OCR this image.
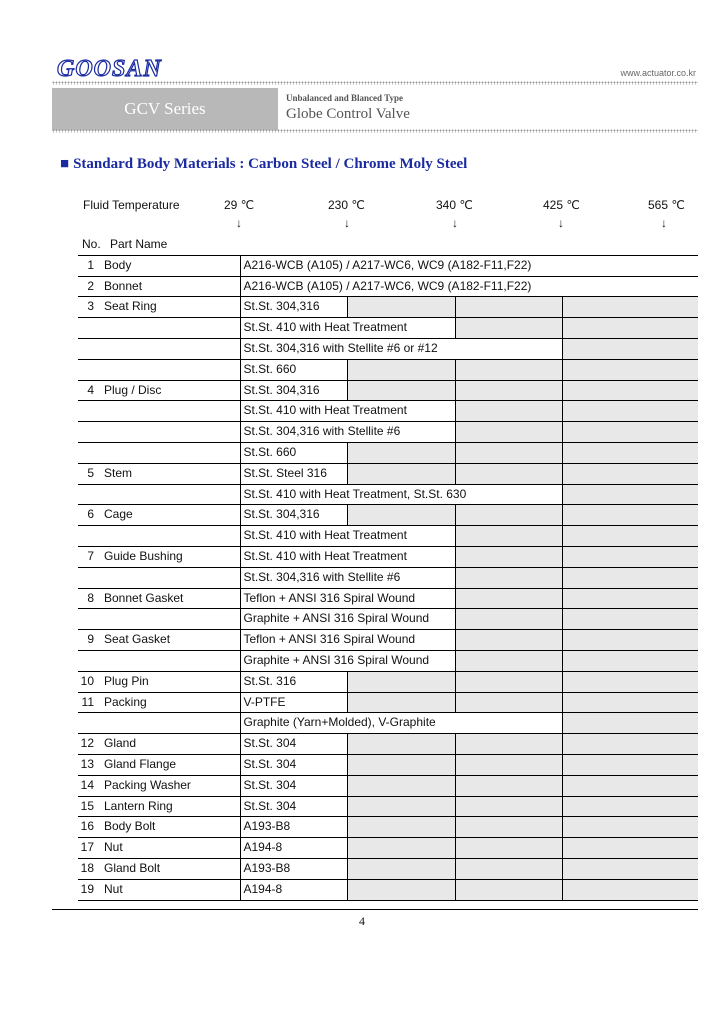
GOOSAN	www.actuator.co.kr
GCV Series
Unbalanced and Blanced Type
Globe Control Valve
■ Standard Body Materials : Carbon Steel / Chrome Moly Steel
Fluid Temperature	29 ℃	230 ℃	340 ℃	425 ℃	565 ℃
↓	↓	↓	↓	↓
No.	Part Name				
1	Body	A216-WCB (A105) / A217-WC6, WC9 (A182-F11,F22)			
2	Bonnet	A216-WCB (A105) / A217-WC6, WC9 (A182-F11,F22)			
3	Seat Ring	St.St. 304,316			
		St.St. 410 with Heat Treatment			
		St.St. 304,316 with Stellite #6 or #12			
		St.St. 660			
4	Plug / Disc	St.St. 304,316			
		St.St. 410 with Heat Treatment			
		St.St. 304,316 with Stellite #6			
		St.St. 660			
5	Stem	St.St. Steel 316			
		St.St. 410 with Heat Treatment, St.St. 630			
6	Cage	St.St. 304,316			
		St.St. 410 with Heat Treatment			
7	Guide Bushing	St.St. 410 with Heat Treatment			
		St.St. 304,316 with Stellite #6			
8	Bonnet Gasket	Teflon + ANSI 316 Spiral Wound			
		Graphite + ANSI 316 Spiral Wound			
9	Seat Gasket	Teflon + ANSI 316 Spiral Wound			
		Graphite + ANSI 316 Spiral Wound			
10	Plug Pin	St.St. 316			
11	Packing	V-PTFE			
		Graphite (Yarn+Molded), V-Graphite			
12	Gland	St.St. 304			
13	Gland Flange	St.St. 304			
14	Packing Washer	St.St. 304			
15	Lantern Ring	St.St. 304			
16	Body Bolt	A193-B8			
17	Nut	A194-8			
18	Gland Bolt	A193-B8			
19	Nut	A194-8			
4
